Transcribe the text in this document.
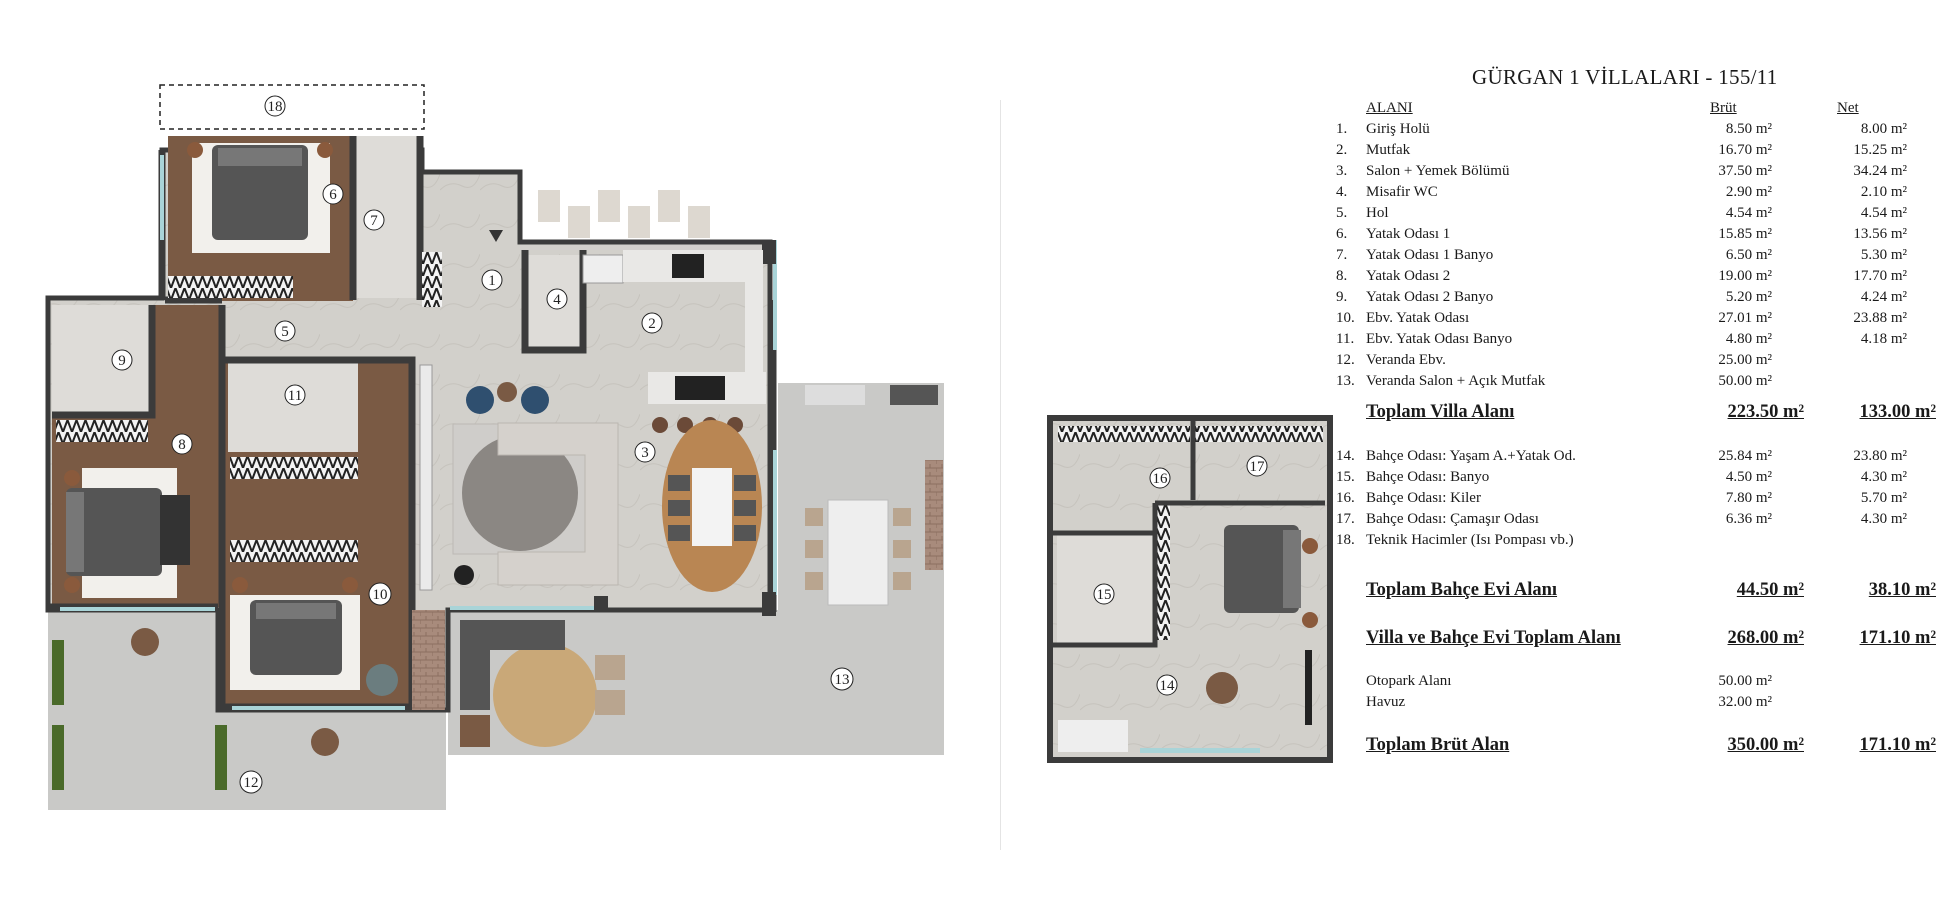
18
6
7
1
4
2
5
9
11
8	3
10
13
12
16
17
15
14
GÜRGAN 1 VİLLALARI - 155/11
ALANI	Brüt	Net
1. Giriş Holü	8.50 m²	8.00 m²
2. Mutfak	16.70 m²	15.25 m²
3. Salon + Yemek Bölümü	37.50 m²	34.24 m²
4. Misafir WC	2.90 m²	2.10 m²
5. Hol	4.54 m²	4.54 m²
6. Yatak Odası 1	15.85 m²	13.56 m²
7. Yatak Odası 1 Banyo	6.50 m²	5.30 m²
8. Yatak Odası 2	19.00 m²	17.70 m²
9. Yatak Odası 2 Banyo	5.20 m²	4.24 m²
10. Ebv. Yatak Odası	27.01 m²	23.88 m²
11. Ebv. Yatak Odası Banyo	4.80 m²	4.18 m²
12. Veranda Ebv.	25.00 m²
13. Veranda Salon + Açık Mutfak	50.00 m²
Toplam Villa Alanı	223.50 m²	133.00 m²
14. Bahçe Odası: Yaşam A.+Yatak Od.	25.84 m²	23.80 m²
15. Bahçe Odası: Banyo	4.50 m²	4.30 m²
16. Bahçe Odası: Kiler	7.80 m²	5.70 m²
17. Bahçe Odası: Çamaşır Odası	6.36 m²	4.30 m²
18. Teknik Hacimler (Isı Pompası vb.)
Toplam Bahçe Evi Alanı	44.50 m²	38.10 m²
Villa ve Bahçe Evi Toplam Alanı	268.00 m²	171.10 m²
Otopark Alanı	50.00 m²
Havuz	32.00 m²
Toplam Brüt Alan	350.00 m²	171.10 m²
